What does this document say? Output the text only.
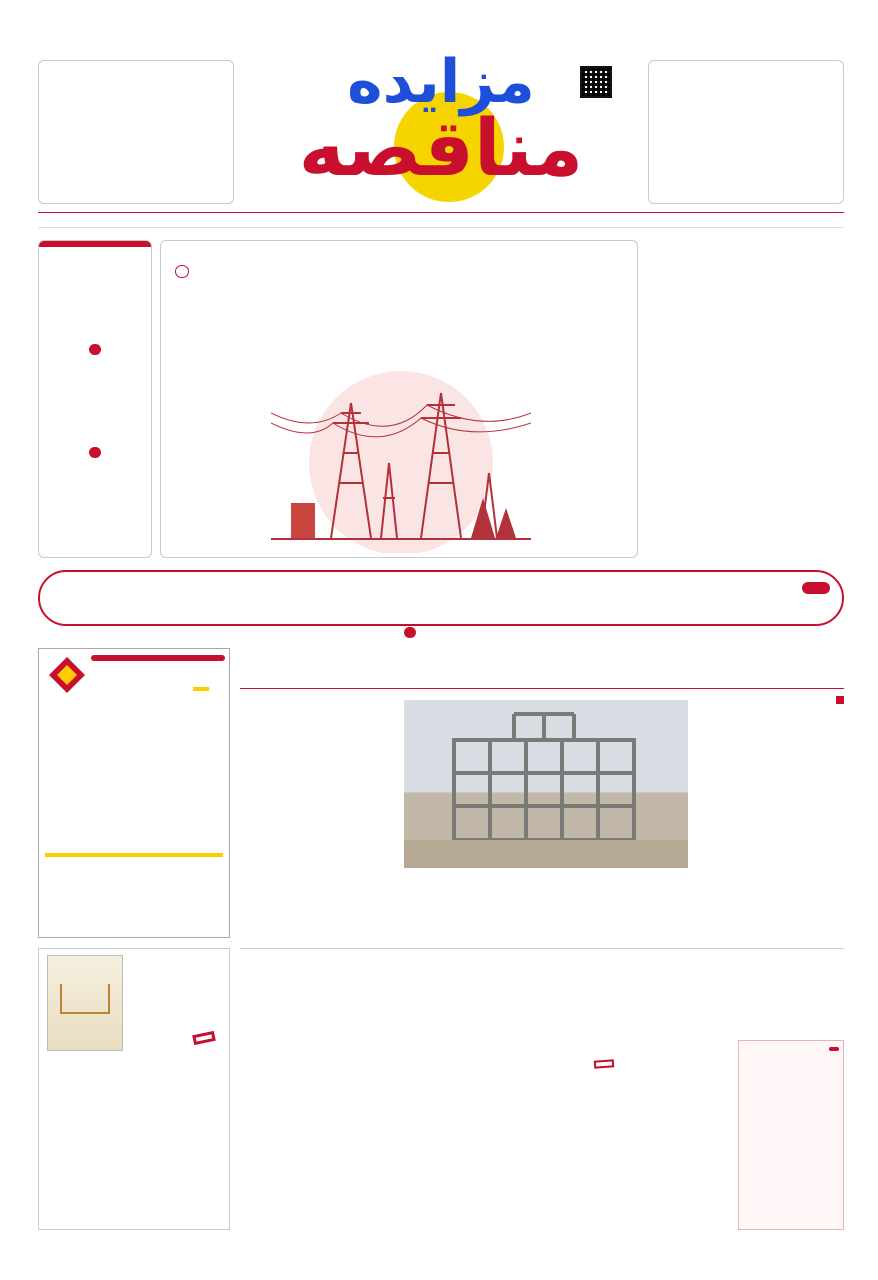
مزایده
مناقصه
